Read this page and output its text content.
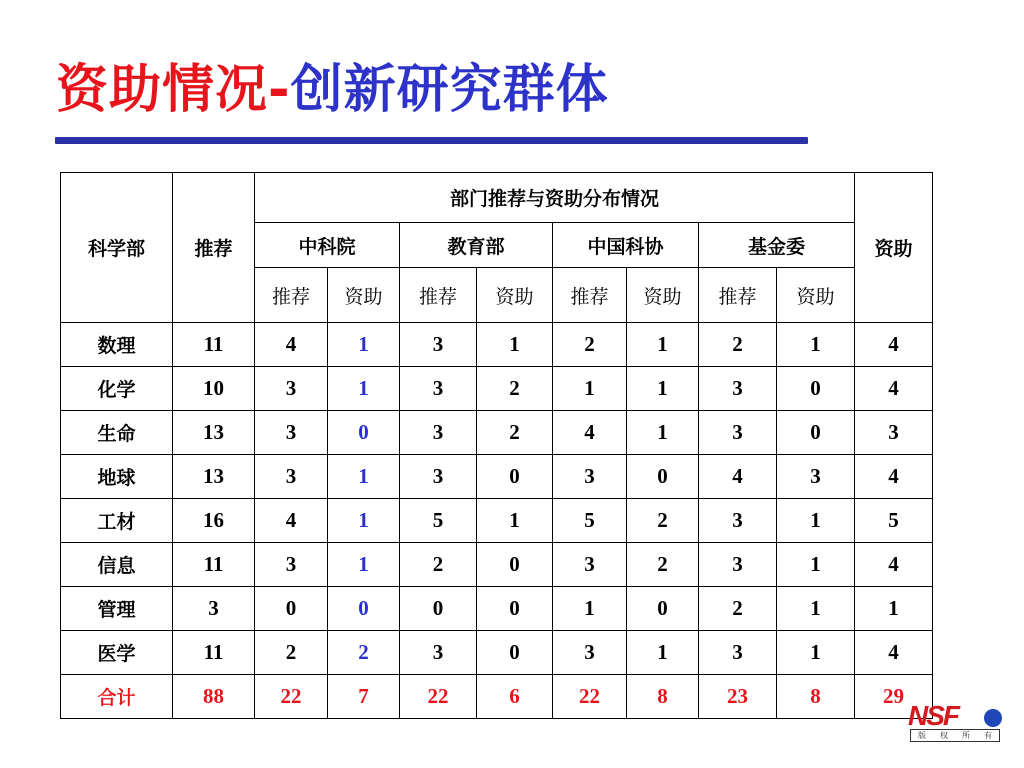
资助情况-创新研究群体
科学部	推荐	部门推荐与资助分布情况								资助
		中科院		教育部		中国科协		基金委		
		推荐	资助	推荐	资助	推荐	资助	推荐	资助	
数理	11	4	1	3	1	2	1	2	1	4
化学	10	3	1	3	2	1	1	3	0	4
生命	13	3	0	3	2	4	1	3	0	3
地球	13	3	1	3	0	3	0	4	3	4
工材	16	4	1	5	1	5	2	3	1	5
信息	11	3	1	2	0	3	2	3	1	4
管理	3	0	0	0	0	1	0	2	1	1
医学	11	2	2	3	0	3	1	3	1	4
合计	88	22	7	22	6	22	8	23	8	29
NSF
版 权 所 有
